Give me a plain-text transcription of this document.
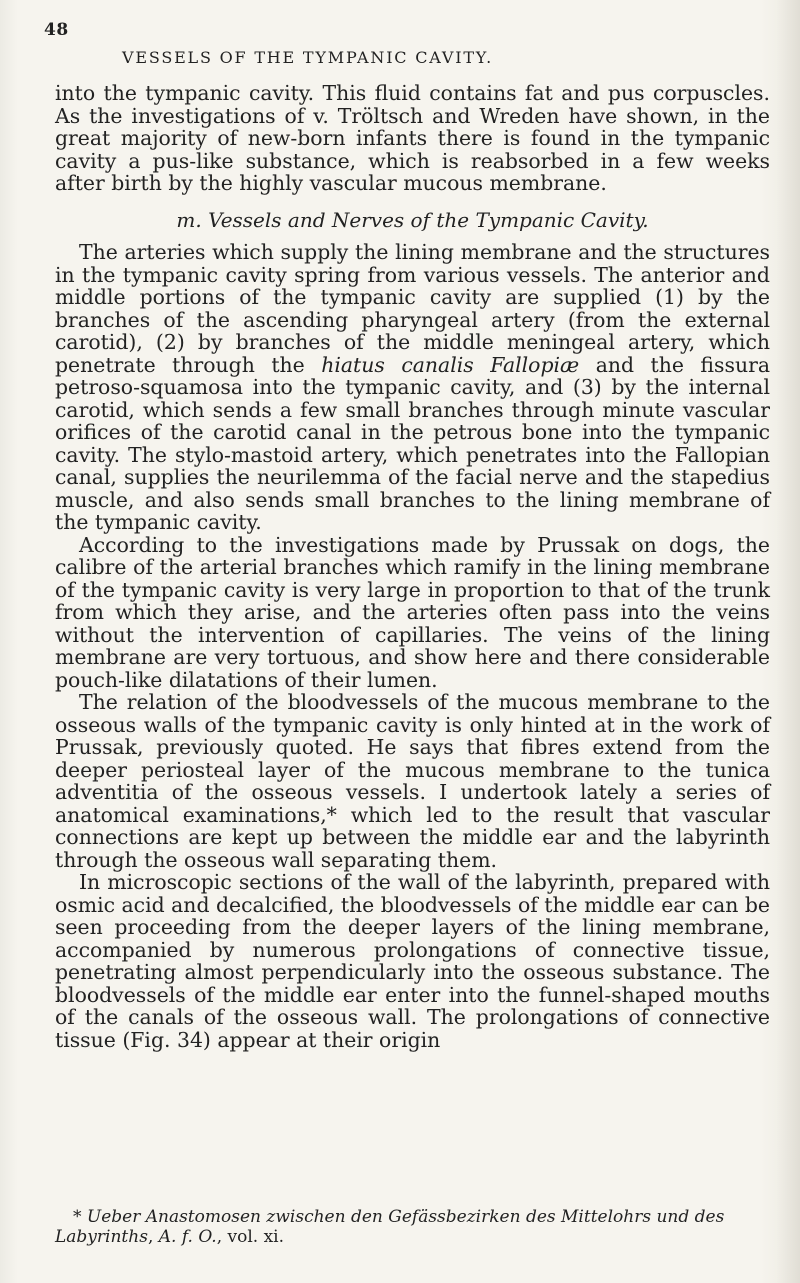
48
VESSELS OF THE TYMPANIC CAVITY.

into the tympanic cavity. This fluid contains fat and pus corpuscles. As the investigations of v. Tröltsch and Wreden have shown, in the great majority of new-born infants there is found in the tympanic cavity a pus-like substance, which is reabsorbed in a few weeks after birth by the highly vascular mucous membrane.

m. Vessels and Nerves of the Tympanic Cavity.

The arteries which supply the lining membrane and the structures in the tympanic cavity spring from various vessels. The anterior and middle portions of the tympanic cavity are supplied (1) by the branches of the ascending pharyngeal artery (from the external carotid), (2) by branches of the middle meningeal artery, which penetrate through the hiatus canalis Fallopiæ and the fissura petroso-squamosa into the tympanic cavity, and (3) by the internal carotid, which sends a few small branches through minute vascular orifices of the carotid canal in the petrous bone into the tympanic cavity. The stylo-mastoid artery, which penetrates into the Fallopian canal, supplies the neurilemma of the facial nerve and the stapedius muscle, and also sends small branches to the lining membrane of the tympanic cavity.

According to the investigations made by Prussak on dogs, the calibre of the arterial branches which ramify in the lining membrane of the tympanic cavity is very large in proportion to that of the trunk from which they arise, and the arteries often pass into the veins without the intervention of capillaries. The veins of the lining membrane are very tortuous, and show here and there considerable pouch-like dilatations of their lumen.

The relation of the bloodvessels of the mucous membrane to the osseous walls of the tympanic cavity is only hinted at in the work of Prussak, previously quoted. He says that fibres extend from the deeper periosteal layer of the mucous membrane to the tunica adventitia of the osseous vessels. I undertook lately a series of anatomical examinations,* which led to the result that vascular connections are kept up between the middle ear and the labyrinth through the osseous wall separating them.

In microscopic sections of the wall of the labyrinth, prepared with osmic acid and decalcified, the bloodvessels of the middle ear can be seen proceeding from the deeper layers of the lining membrane, accompanied by numerous prolongations of connective tissue, penetrating almost perpendicularly into the osseous substance. The bloodvessels of the middle ear enter into the funnel-shaped mouths of the canals of the osseous wall. The prolongations of connective tissue (Fig. 34) appear at their origin

* Ueber Anastomosen zwischen den Gefässbezirken des Mittelohrs und des Labyrinths, A. f. O., vol. xi.
